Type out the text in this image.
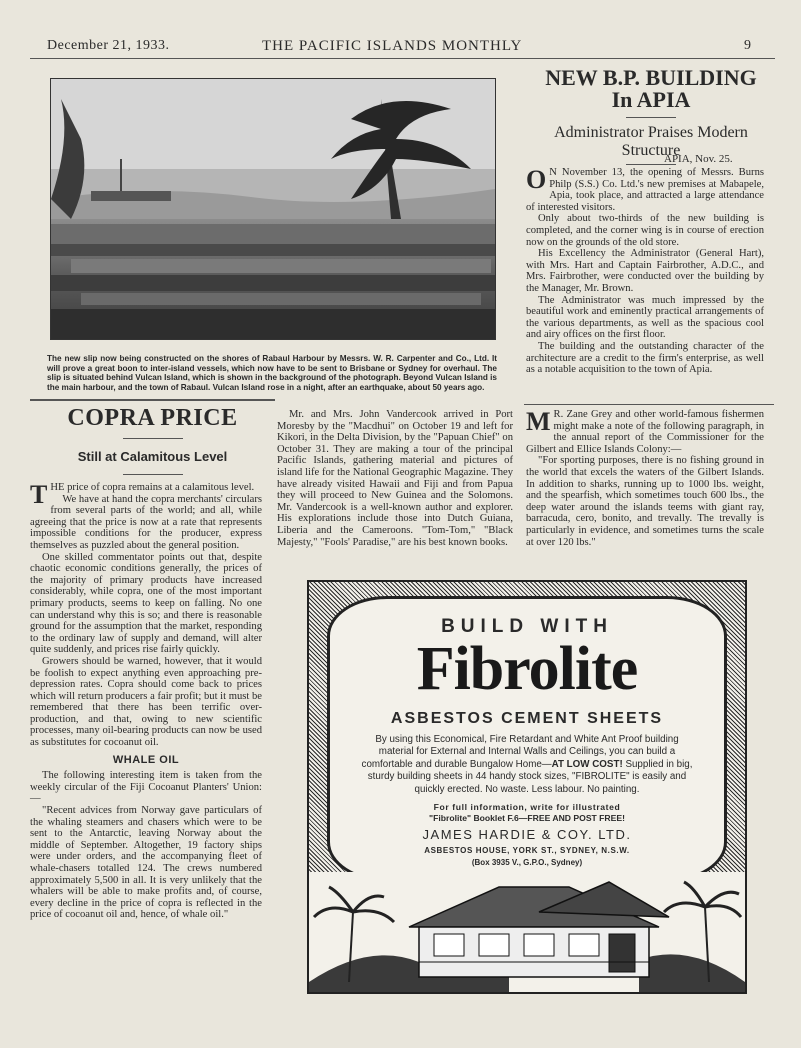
December 21, 1933.	THE PACIFIC ISLANDS MONTHLY	9
The new slip now being constructed on the shores of Rabaul Harbour by Messrs. W. R. Carpenter and Co., Ltd. It will prove a great boon to inter-island vessels, which now have to be sent to Brisbane or Sydney for overhaul. The slip is situated behind Vulcan Island, which is shown in the background of the photograph. Beyond Vulcan Island is the main harbour, and the town of Rabaul. Vulcan Island rose in a night, after an earthquake, about 50 years ago.
NEW B.P. BUILDING
In APIA
Administrator Praises Modern Structure
APIA, Nov. 25.

O N November 13, the opening of Messrs. Burns Philp (S.S.) Co. Ltd.'s new premises at Mabapele, Apia, took place, and attracted a large attendance of interested visitors.

Only about two-thirds of the new building is completed, and the corner wing is in course of erection now on the grounds of the old store.

His Excellency the Administrator (General Hart), with Mrs. Hart and Captain Fairbrother, A.D.C., and Mrs. Fairbrother, were conducted over the building by the Manager, Mr. Brown.

The Administrator was much impressed by the beautiful work and eminently practical arrangements of the various departments, as well as the spacious cool and airy offices on the first floor.

The building and the outstanding character of the architecture are a credit to the firm's enterprise, as well as a notable acquisition to the town of Apia.

COPRA PRICE
Still at Calamitous Level

THE price of copra remains at a calamitous level.

We have at hand the copra merchants' circulars from several parts of the world; and all, while agreeing that the price is now at a rate that represents impossible conditions for the producer, express themselves as puzzled about the general position.

One skilled commentator points out that, despite chaotic economic conditions generally, the prices of the majority of primary products have increased considerably, while copra, one of the most important primary products, seems to keep on falling. No one can understand why this is so; and there is reasonable ground for the assumption that the market, responding to the ordinary law of supply and demand, will alter quite suddenly, and prices rise fairly quickly.

Growers should be warned, however, that it would be foolish to expect anything even approaching pre-depression rates. Copra should come back to prices which will return producers a fair profit; but it must be remembered that there has been terrific over-production, and that, owing to new scientific processes, many oil-bearing products can now be used as substitutes for cocoanut oil.

WHALE OIL

The following interesting item is taken from the weekly circular of the Fiji Cocoanut Planters' Union:—

"Recent advices from Norway gave particulars of the whaling steamers and chasers which were to be sent to the Antarctic, leaving Norway about the middle of September. Altogether, 19 factory ships were under orders, and the accompanying fleet of whale-chasers totalled 124. The crews numbered approximately 5,500 in all. It is very unlikely that the whalers will be able to make profits and, of course, every decline in the price of copra is reflected in the price of cocoanut oil and, hence, of whale oil."

Mr. and Mrs. John Vandercook arrived in Port Moresby by the "Macdhui" on October 19 and left for Kikori, in the Delta Division, by the "Papuan Chief" on October 31. They are making a tour of the principal Pacific Islands, gathering material and pictures of island life for the National Geographic Magazine. They have already visited Hawaii and Fiji and from Papua they will proceed to New Guinea and the Solomons. Mr. Vandercook is a well-known author and explorer. His explorations include those into Dutch Guiana, Liberia and the Cameroons. "Tom-Tom," "Black Majesty," "Fools' Paradise," are his best known books.

M R. Zane Grey and other world-famous fishermen might make a note of the following paragraph, in the annual report of the Commissioner for the Gilbert and Ellice Islands Colony:—

"For sporting purposes, there is no fishing ground in the world that excels the waters of the Gilbert Islands. In addition to sharks, running up to 1000 lbs. weight, and the spearfish, which sometimes touch 600 lbs., the deep water around the islands teems with giant ray, barracuda, cero, bonito, and trevally. The trevally is particularly in evidence, and sometimes turns the scale at over 120 lbs."

BUILD WITH
Fibrolite
ASBESTOS CEMENT SHEETS
By using this Economical, Fire Retardant and White Ant Proof building material for External and Internal Walls and Ceilings, you can build a comfortable and durable Bungalow Home—AT LOW COST! Supplied in big, sturdy building sheets in 44 handy stock sizes, "FIBROLITE" is easily and quickly erected. No waste. Less labour. No painting.
For full information, write for illustrated
"Fibrolite" Booklet F.6—FREE AND POST FREE!
JAMES HARDIE & COY. LTD.
ASBESTOS HOUSE, YORK ST., SYDNEY, N.S.W.
(Box 3935 V., G.P.O., Sydney)
